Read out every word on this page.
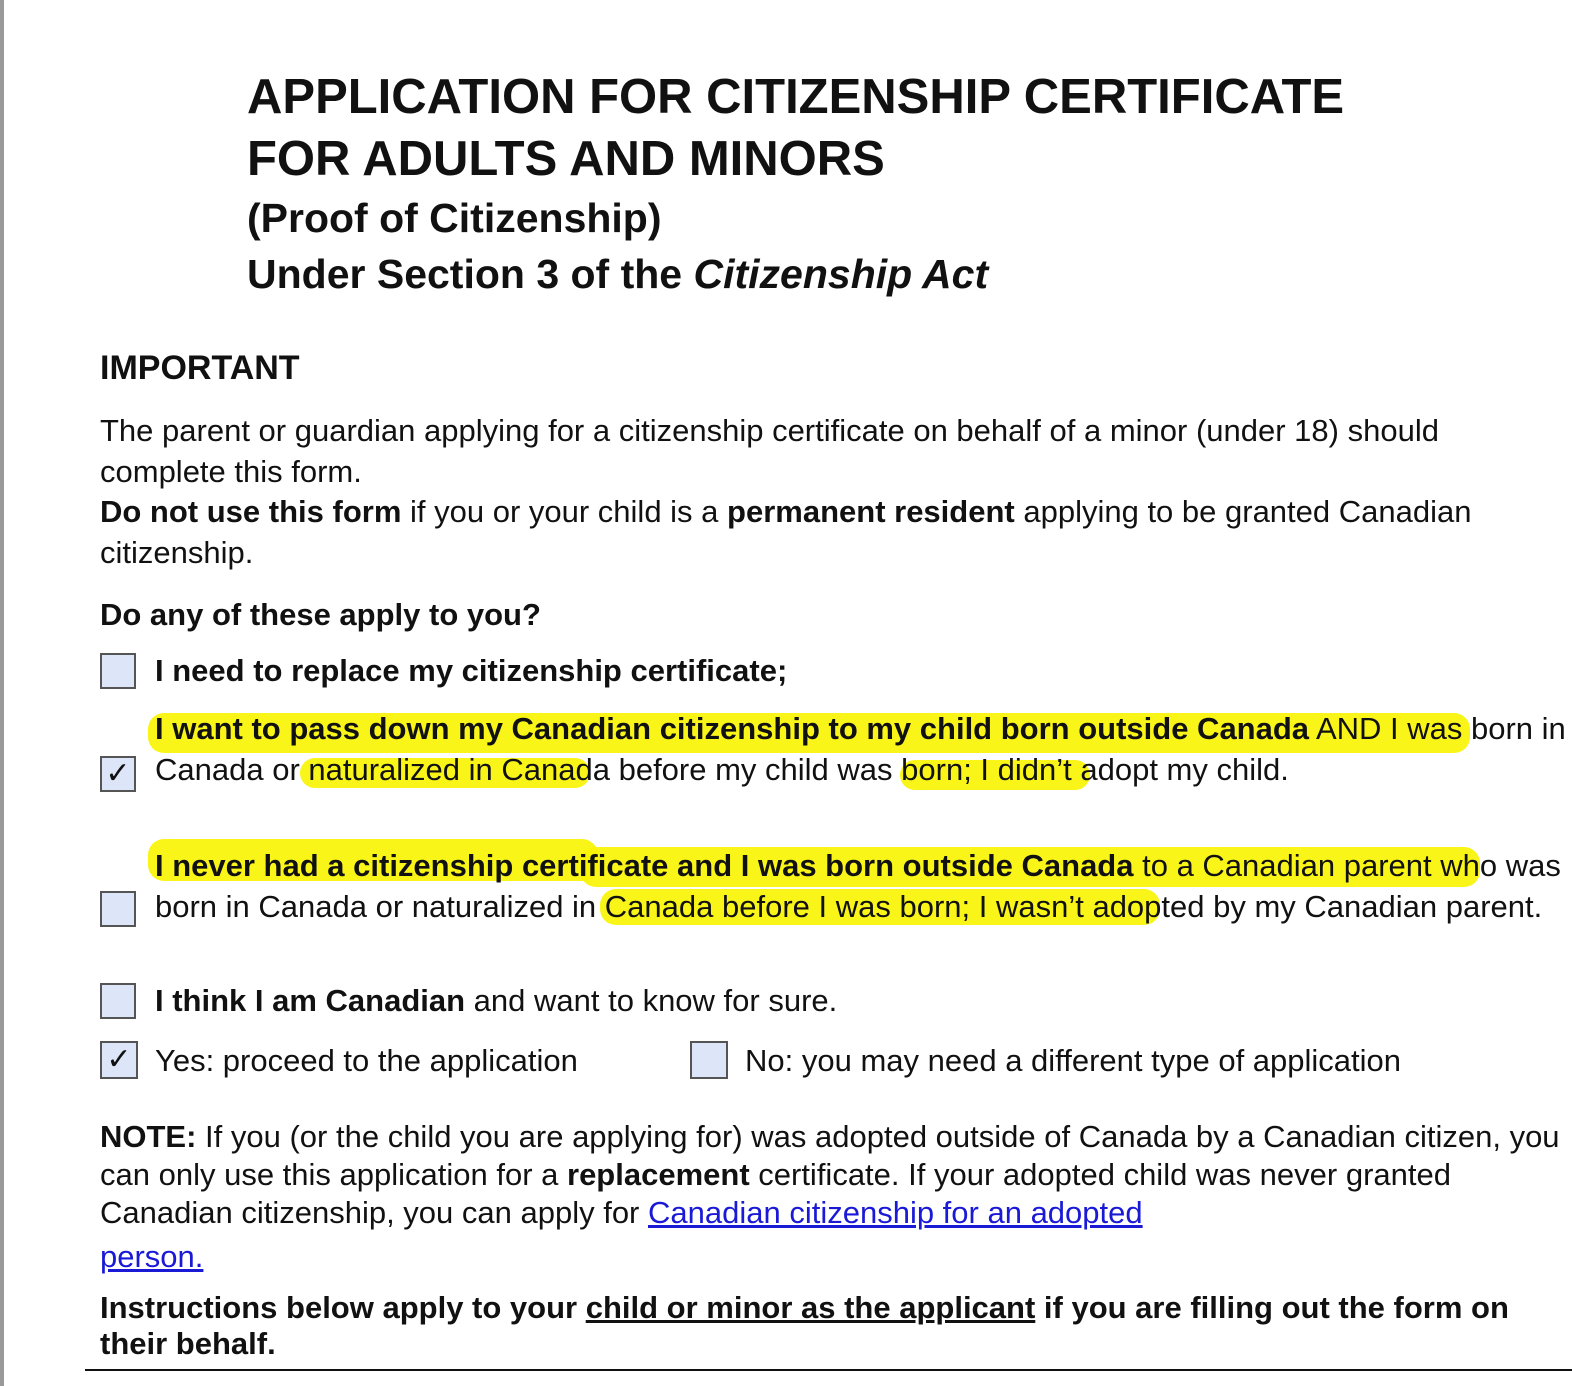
APPLICATION FOR CITIZENSHIP CERTIFICATE
FOR ADULTS AND MINORS
(Proof of Citizenship)
Under Section 3 of the Citizenship Act
IMPORTANT

The parent or guardian applying for a citizenship certificate on behalf of a minor (under 18) should complete this form.

Do not use this form if you or your child is a permanent resident applying to be granted Canadian citizenship.

Do any of these apply to you?

I need to replace my citizenship certificate;
✓
I want to pass down my Canadian citizenship to my child born outside Canada AND I was born in Canada or naturalized in Canada before my child was born; I didn’t adopt my child.
I never had a citizenship certificate and I was born outside Canada to a Canadian parent who was born in Canada or naturalized in Canada before I was born; I wasn’t adopted by my Canadian parent.
I think I am Canadian and want to know for sure.
✓ Yes: proceed to the application	No: you may need a different type of application

NOTE: If you (or the child you are applying for) was adopted outside of Canada by a Canadian citizen, you can only use this application for a replacement certificate. If your adopted child was never granted Canadian citizenship, you can apply for Canadian citizenship for an adopted
person.

Instructions below apply to your child or minor as the applicant if you are filling out the form on their behalf.
